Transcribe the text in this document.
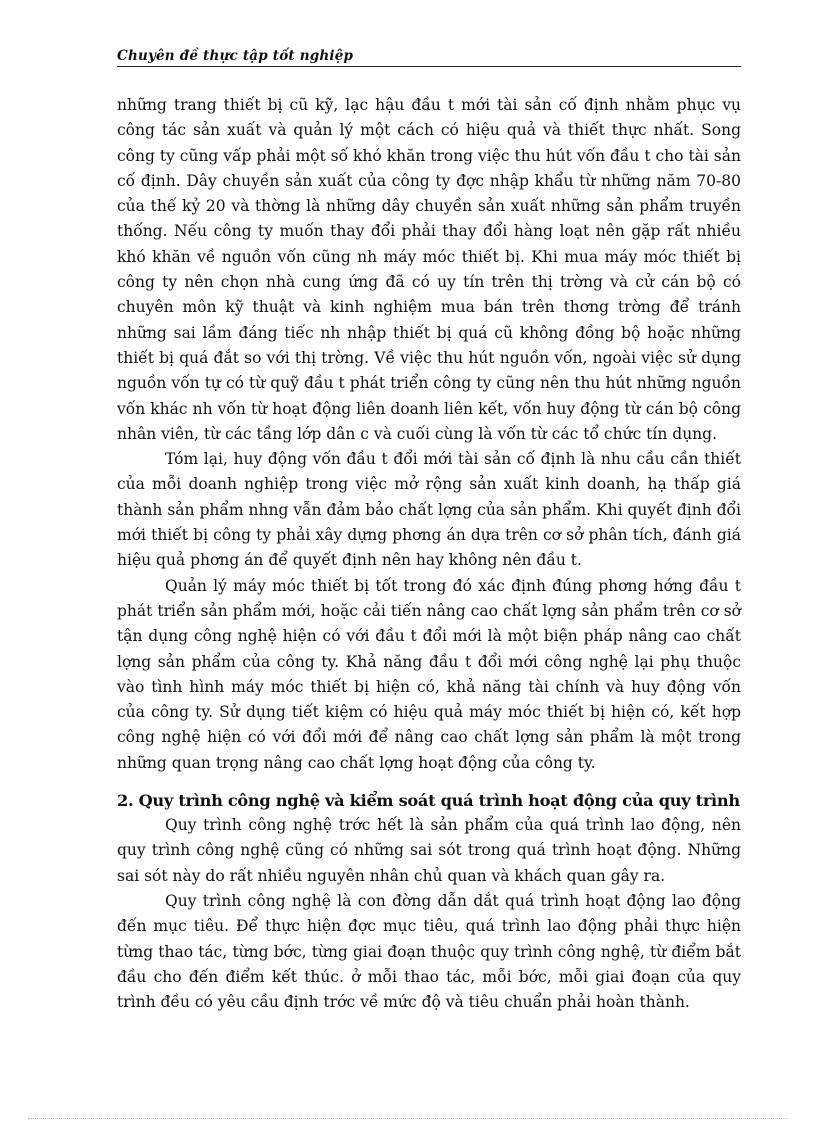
Chuyên đề thực tập tốt nghiệp

những trang thiết bị cũ kỹ, lạc hậu đầu t mới tài sản cố định nhằm phục vụ công tác sản xuất và quản lý một cách có hiệu quả và thiết thực nhất. Song công ty cũng vấp phải một số khó khăn trong việc thu hút vốn đầu t cho tài sản cố định. Dây chuyền sản xuất của công ty đợc nhập khẩu từ những năm 70-80 của thế kỷ 20 và thờng là những dây chuyền sản xuất những sản phẩm truyền thống. Nếu công ty muốn thay đổi phải thay đổi hàng loạt nên gặp rất nhiều khó khăn về nguồn vốn cũng nh máy móc thiết bị. Khi mua máy móc thiết bị công ty nên chọn nhà cung ứng đã có uy tín trên thị trờng và cử cán bộ có chuyên môn kỹ thuật và kinh nghiệm mua bán trên thơng trờng để tránh những sai lầm đáng tiếc nh nhập thiết bị quá cũ không đồng bộ hoặc những thiết bị quá đắt so với thị trờng. Về việc thu hút nguồn vốn, ngoài việc sử dụng nguồn vốn tự có từ quỹ đầu t phát triển công ty cũng nên thu hút những nguồn vốn khác nh vốn từ hoạt động liên doanh liên kết, vốn huy động từ cán bộ công nhân viên, từ các tầng lớp dân c và cuối cùng là vốn từ các tổ chức tín dụng.

Tóm lại, huy động vốn đầu t đổi mới tài sản cố định là nhu cầu cần thiết của mỗi doanh nghiệp trong việc mở rộng sản xuất kinh doanh, hạ thấp giá thành sản phẩm nhng vẫn đảm bảo chất lợng của sản phẩm. Khi quyết định đổi mới thiết bị công ty phải xây dựng phơng án dựa trên cơ sở phân tích, đánh giá hiệu quả phơng án để quyết định nên hay không nên đầu t.

Quản lý máy móc thiết bị tốt trong đó xác định đúng phơng hớng đầu t phát triển sản phẩm mới, hoặc cải tiến nâng cao chất lợng sản phẩm trên cơ sở tận dụng công nghệ hiện có với đầu t đổi mới là một biện pháp nâng cao chất lợng sản phẩm của công ty. Khả năng đầu t đổi mới công nghệ lại phụ thuộc vào tình hình máy móc thiết bị hiện có, khả năng tài chính và huy động vốn của công ty. Sử dụng tiết kiệm có hiệu quả máy móc thiết bị hiện có, kết hợp công nghệ hiện có với đổi mới để nâng cao chất lợng sản phẩm là một trong những quan trọng nâng cao chất lợng hoạt động của công ty.

2. Quy trình công nghệ và kiểm soát quá trình hoạt động của quy trình

Quy trình công nghệ trớc hết là sản phẩm của quá trình lao động, nên quy trình công nghệ cũng có những sai sót trong quá trình hoạt động. Những sai sót này do rất nhiều nguyên nhân chủ quan và khách quan gây ra.

Quy trình công nghệ là con đờng dẫn dắt quá trình hoạt động lao động đến mục tiêu. Để thực hiện đợc mục tiêu, quá trình lao động phải thực hiện từng thao tác, từng bớc, từng giai đoạn thuộc quy trình công nghệ, từ điểm bắt đầu cho đến điểm kết thúc. ở mỗi thao tác, mỗi bớc, mỗi giai đoạn của quy trình đều có yêu cầu định trớc về mức độ và tiêu chuẩn phải hoàn thành.
